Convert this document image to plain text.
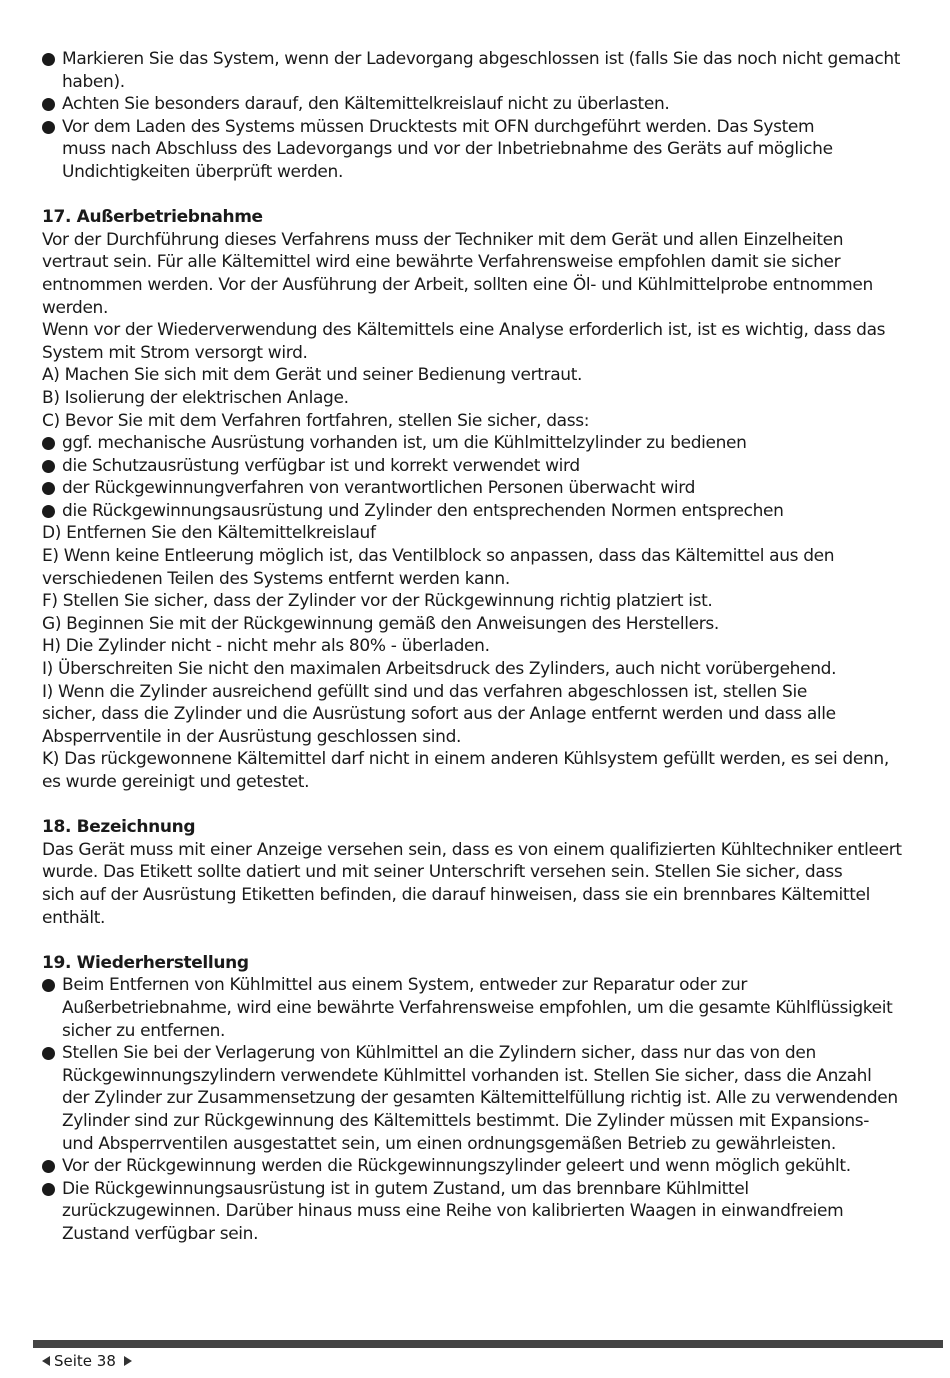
Markieren Sie das System, wenn der Ladevorgang abgeschlossen ist (falls Sie das noch nicht gemacht

haben).

Achten Sie besonders darauf, den Kältemittelkreislauf nicht zu überlasten.

Vor dem Laden des Systems müssen Drucktests mit OFN durchgeführt werden. Das System

muss nach Abschluss des Ladevorgangs und vor der Inbetriebnahme des Geräts auf mögliche

Undichtigkeiten überprüft werden.

17. Außerbetriebnahme

Vor der Durchführung dieses Verfahrens muss der Techniker mit dem Gerät und allen Einzelheiten

vertraut sein. Für alle Kältemittel wird eine bewährte Verfahrensweise empfohlen damit sie sicher

entnommen werden. Vor der Ausführung der Arbeit, sollten eine Öl- und Kühlmittelprobe entnommen

werden.

Wenn vor der Wiederverwendung des Kältemittels eine Analyse erforderlich ist, ist es wichtig, dass das

System mit Strom versorgt wird.

A) Machen Sie sich mit dem Gerät und seiner Bedienung vertraut.

B) Isolierung der elektrischen Anlage.

C) Bevor Sie mit dem Verfahren fortfahren, stellen Sie sicher, dass:

ggf. mechanische Ausrüstung vorhanden ist, um die Kühlmittelzylinder zu bedienen

die Schutzausrüstung verfügbar ist und korrekt verwendet wird

der Rückgewinnungverfahren von verantwortlichen Personen überwacht wird

die Rückgewinnungsausrüstung und Zylinder den entsprechenden Normen entsprechen

D) Entfernen Sie den Kältemittelkreislauf

E) Wenn keine Entleerung möglich ist, das Ventilblock so anpassen, dass das Kältemittel aus den

verschiedenen Teilen des Systems entfernt werden kann.

F) Stellen Sie sicher, dass der Zylinder vor der Rückgewinnung richtig platziert ist.

G) Beginnen Sie mit der Rückgewinnung gemäß den Anweisungen des Herstellers.

H) Die Zylinder nicht - nicht mehr als 80% - überladen.

I) Überschreiten Sie nicht den maximalen Arbeitsdruck des Zylinders, auch nicht vorübergehend.

I) Wenn die Zylinder ausreichend gefüllt sind und das verfahren abgeschlossen ist, stellen Sie

sicher, dass die Zylinder und die Ausrüstung sofort aus der Anlage entfernt werden und dass alle

Absperrventile in der Ausrüstung geschlossen sind.

K) Das rückgewonnene Kältemittel darf nicht in einem anderen Kühlsystem gefüllt werden, es sei denn,

es wurde gereinigt und getestet.

18. Bezeichnung

Das Gerät muss mit einer Anzeige versehen sein, dass es von einem qualifizierten Kühltechniker entleert

wurde. Das Etikett sollte datiert und mit seiner Unterschrift versehen sein. Stellen Sie sicher, dass

sich auf der Ausrüstung Etiketten befinden, die darauf hinweisen, dass sie ein brennbares Kältemittel

enthält.

19. Wiederherstellung

Beim Entfernen von Kühlmittel aus einem System, entweder zur Reparatur oder zur

Außerbetriebnahme, wird eine bewährte Verfahrensweise empfohlen, um die gesamte Kühlflüssigkeit

sicher zu entfernen.

Stellen Sie bei der Verlagerung von Kühlmittel an die Zylindern sicher, dass nur das von den

Rückgewinnungszylindern verwendete Kühlmittel vorhanden ist. Stellen Sie sicher, dass die Anzahl

der Zylinder zur Zusammensetzung der gesamten Kältemittelfüllung richtig ist. Alle zu verwendenden

Zylinder sind zur Rückgewinnung des Kältemittels bestimmt. Die Zylinder müssen mit Expansions-

und Absperrventilen ausgestattet sein, um einen ordnungsgemäßen Betrieb zu gewährleisten.

Vor der Rückgewinnung werden die Rückgewinnungszylinder geleert und wenn möglich gekühlt.

Die Rückgewinnungsausrüstung ist in gutem Zustand, um das brennbare Kühlmittel

zurückzugewinnen. Darüber hinaus muss eine Reihe von kalibrierten Waagen in einwandfreiem

Zustand verfügbar sein.

Seite 38
